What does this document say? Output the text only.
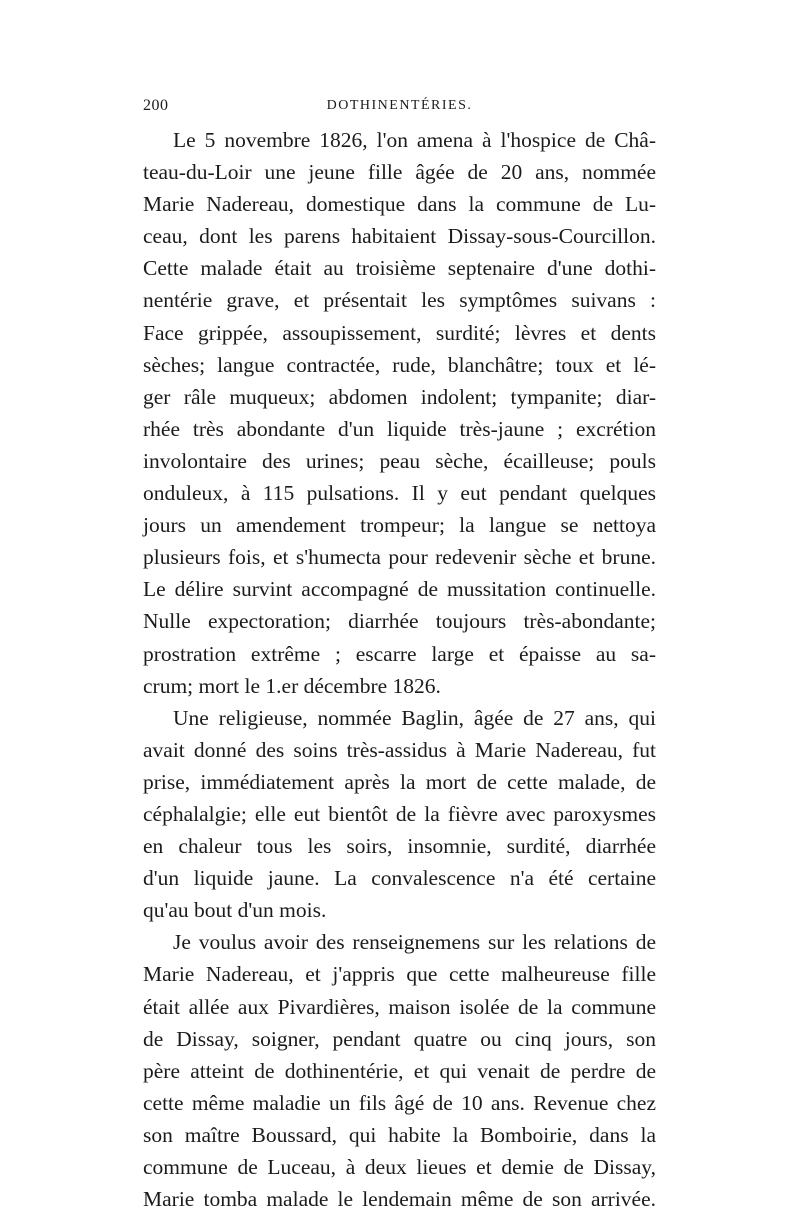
200	DOTHINENTÉRIES.
Le 5 novembre 1826, l'on amena à l'hospice de Châ-
teau-du-Loir une jeune fille âgée de 20 ans, nommée
Marie Nadereau, domestique dans la commune de Lu-
ceau, dont les parens habitaient Dissay-sous-Courcillon.
Cette malade était au troisième septenaire d'une dothi-
nentérie grave, et présentait les symptômes suivans :
Face grippée, assoupissement, surdité; lèvres et dents
sèches; langue contractée, rude, blanchâtre; toux et lé-
ger râle muqueux; abdomen indolent; tympanite; diar-
rhée très abondante d'un liquide très-jaune ; excrétion
involontaire des urines; peau sèche, écailleuse; pouls
onduleux, à 115 pulsations. Il y eut pendant quelques
jours un amendement trompeur; la langue se nettoya
plusieurs fois, et s'humecta pour redevenir sèche et brune.
Le délire survint accompagné de mussitation continuelle.
Nulle expectoration; diarrhée toujours très-abondante;
prostration extrême ; escarre large et épaisse au sa-
crum; mort le 1.er décembre 1826.
Une religieuse, nommée Baglin, âgée de 27 ans, qui
avait donné des soins très-assidus à Marie Nadereau, fut
prise, immédiatement après la mort de cette malade, de
céphalalgie; elle eut bientôt de la fièvre avec paroxysmes
en chaleur tous les soirs, insomnie, surdité, diarrhée
d'un liquide jaune. La convalescence n'a été certaine
qu'au bout d'un mois.
Je voulus avoir des renseignemens sur les relations de
Marie Nadereau, et j'appris que cette malheureuse fille
était allée aux Pivardières, maison isolée de la commune
de Dissay, soigner, pendant quatre ou cinq jours, son
père atteint de dothinentérie, et qui venait de perdre de
cette même maladie un fils âgé de 10 ans. Revenue chez
son maître Boussard, qui habite la Bomboirie, dans la
commune de Luceau, à deux lieues et demie de Dissay,
Marie tomba malade le lendemain même de son arrivée.
